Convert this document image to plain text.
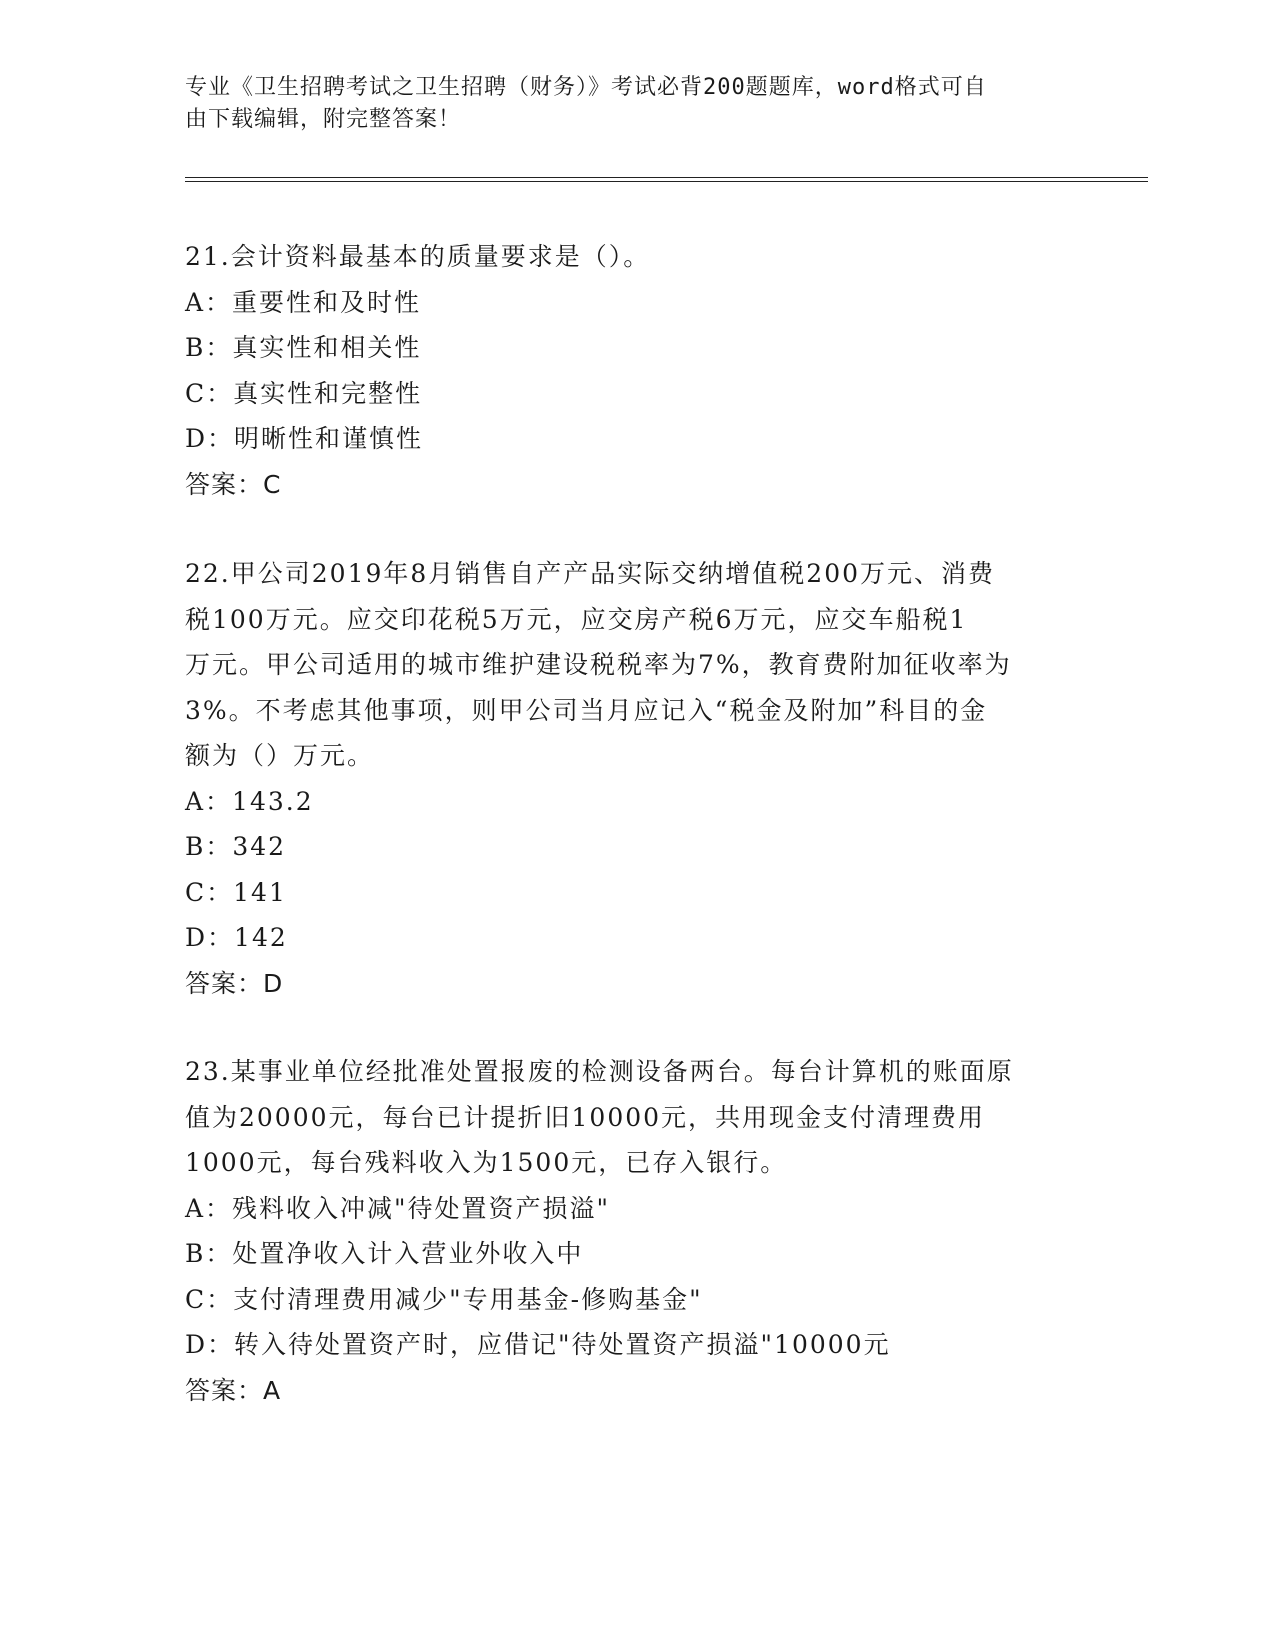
专业《卫生招聘考试之卫生招聘（财务）》考试必背200题题库，word格式可自
由下载编辑，附完整答案！

21.会计资料最基本的质量要求是（）。

A：重要性和及时性

B：真实性和相关性

C：真实性和完整性

D：明晰性和谨慎性

答案：C

22.甲公司2019年8月销售自产产品实际交纳增值税200万元、消费

税100万元。应交印花税5万元，应交房产税6万元，应交车船税1

万元。甲公司适用的城市维护建设税税率为7%，教育费附加征收率为

3%。不考虑其他事项，则甲公司当月应记入“税金及附加”科目的金

额为（）万元。

A：143.2

B：342

C：141

D：142

答案：D

23.某事业单位经批准处置报废的检测设备两台。每台计算机的账面原

值为20000元，每台已计提折旧10000元，共用现金支付清理费用

1000元，每台残料收入为1500元，已存入银行。

A：残料收入冲减"待处置资产损溢"

B：处置净收入计入营业外收入中

C：支付清理费用减少"专用基金-修购基金"

D：转入待处置资产时，应借记"待处置资产损溢"10000元

答案：A
